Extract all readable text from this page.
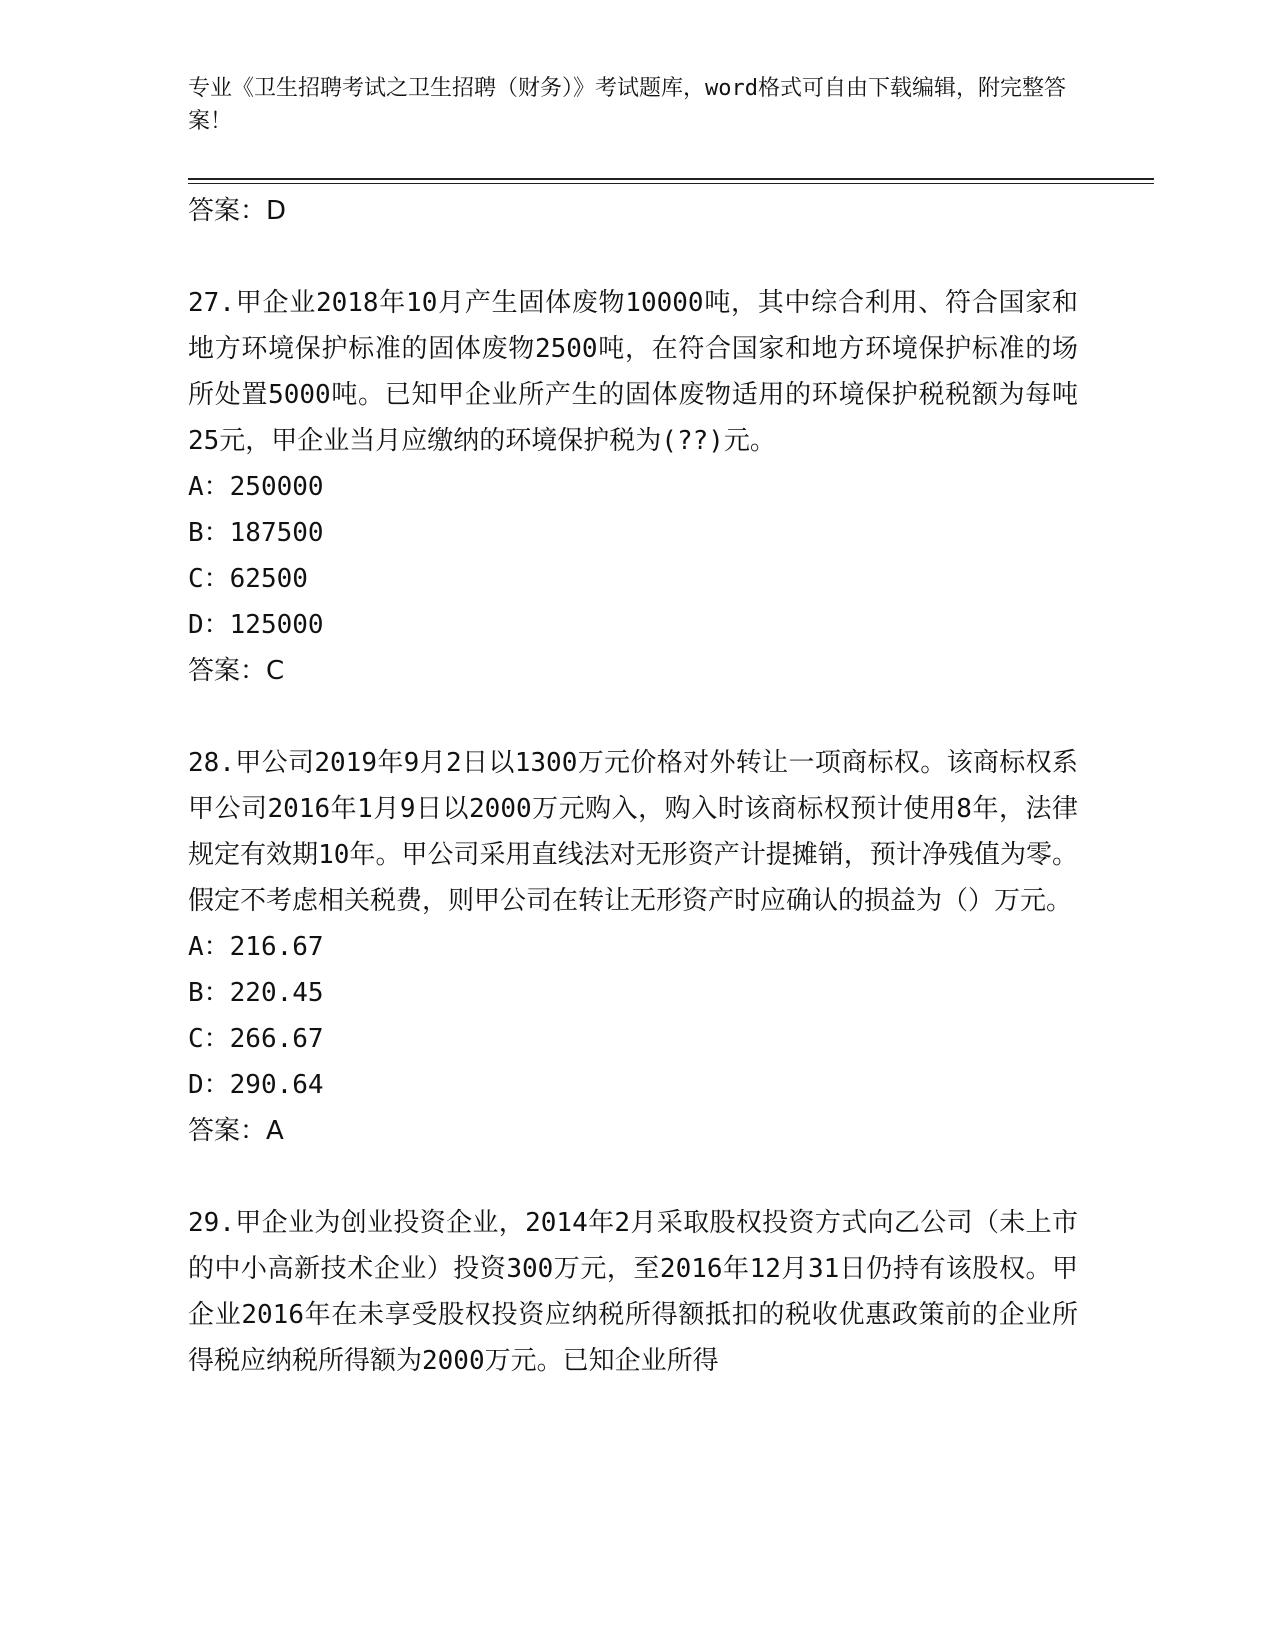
专业《卫生招聘考试之卫生招聘（财务）》考试题库，word格式可自由下载编辑，附完整答案！

答案：D

27.甲企业2018年10月产生固体废物10000吨，其中综合利用、符合国家和地方环境保护标准的固体废物2500吨，在符合国家和地方环境保护标准的场所处置5000吨。已知甲企业所产生的固体废物适用的环境保护税税额为每吨25元，甲企业当月应缴纳的环境保护税为(??)元。

A：250000

B：187500

C：62500

D：125000

答案：C

28.甲公司2019年9月2日以1300万元价格对外转让一项商标权。该商标权系甲公司2016年1月9日以2000万元购入，购入时该商标权预计使用8年，法律规定有效期10年。甲公司采用直线法对无形资产计提摊销，预计净残值为零。假定不考虑相关税费，则甲公司在转让无形资产时应确认的损益为（）万元。

A：216.67

B：220.45

C：266.67

D：290.64

答案：A

29.甲企业为创业投资企业，2014年2月采取股权投资方式向乙公司（未上市的中小高新技术企业）投资300万元，至2016年12月31日仍持有该股权。甲企业2016年在未享受股权投资应纳税所得额抵扣的税收优惠政策前的企业所得税应纳税所得额为2000万元。已知企业所得
